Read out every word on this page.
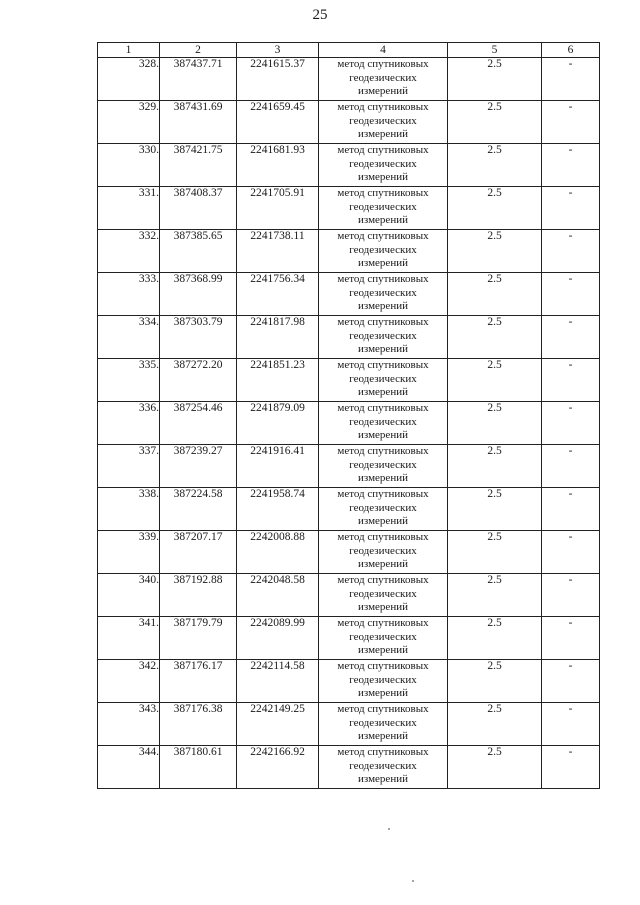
25
1	2	3	4	5	6
328.	387437.71	2241615.37	метод спутниковых
геодезических
измерений	2.5	-
329.	387431.69	2241659.45	метод спутниковых
геодезических
измерений	2.5	-
330.	387421.75	2241681.93	метод спутниковых
геодезических
измерений	2.5	-
331.	387408.37	2241705.91	метод спутниковых
геодезических
измерений	2.5	-
332.	387385.65	2241738.11	метод спутниковых
геодезических
измерений	2.5	-
333.	387368.99	2241756.34	метод спутниковых
геодезических
измерений	2.5	-
334.	387303.79	2241817.98	метод спутниковых
геодезических
измерений	2.5	-
335.	387272.20	2241851.23	метод спутниковых
геодезических
измерений	2.5	-
336.	387254.46	2241879.09	метод спутниковых
геодезических
измерений	2.5	-
337.	387239.27	2241916.41	метод спутниковых
геодезических
измерений	2.5	-
338.	387224.58	2241958.74	метод спутниковых
геодезических
измерений	2.5	-
339.	387207.17	2242008.88	метод спутниковых
геодезических
измерений	2.5	-
340.	387192.88	2242048.58	метод спутниковых
геодезических
измерений	2.5	-
341.	387179.79	2242089.99	метод спутниковых
геодезических
измерений	2.5	-
342.	387176.17	2242114.58	метод спутниковых
геодезических
измерений	2.5	-
343.	387176.38	2242149.25	метод спутниковых
геодезических
измерений	2.5	-
344.	387180.61	2242166.92	метод спутниковых
геодезических
измерений	2.5	-
